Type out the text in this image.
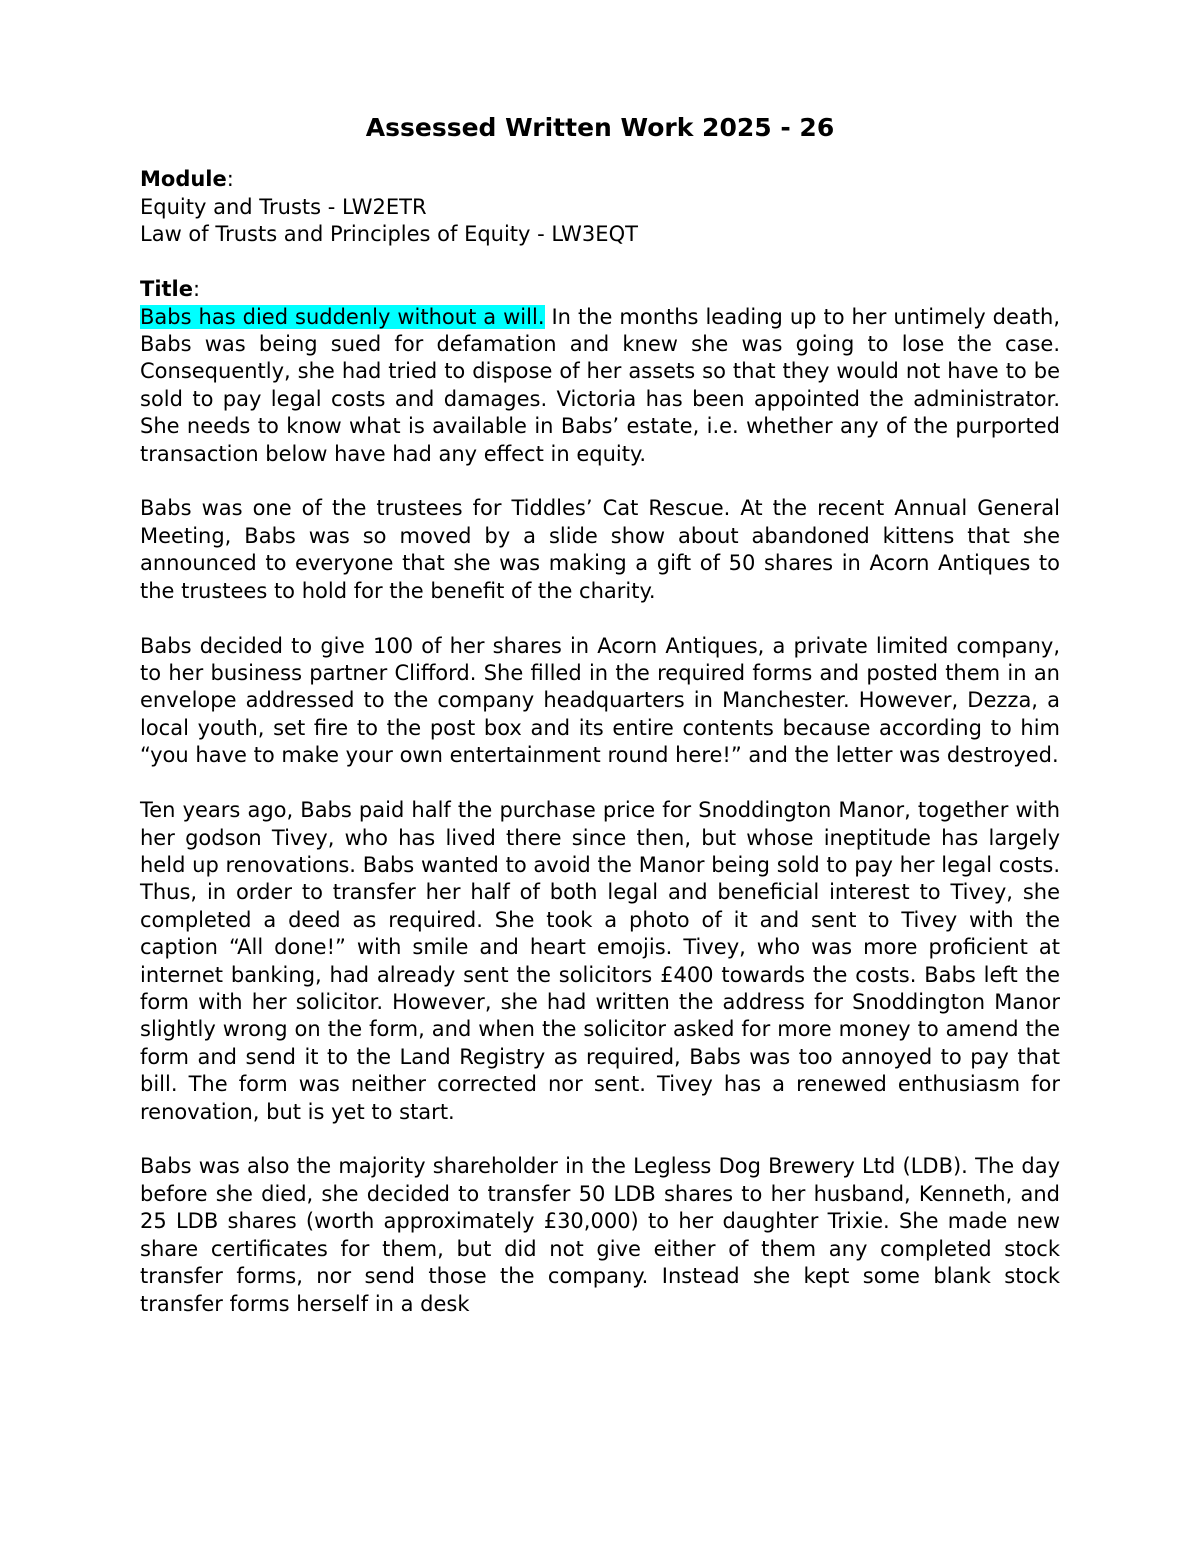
Assessed Written Work 2025 - 26

Module:

Equity and Trusts - LW2ETR

Law of Trusts and Principles of Equity - LW3EQT

Title:

Babs has died suddenly without a will. In the months leading up to her untimely death, Babs was being sued for defamation and knew she was going to lose the case. Consequently, she had tried to dispose of her assets so that they would not have to be sold to pay legal costs and damages. Victoria has been appointed the administrator. She needs to know what is available in Babs’ estate, i.e. whether any of the purported transaction below have had any effect in equity.

Babs was one of the trustees for Tiddles’ Cat Rescue. At the recent Annual General Meeting, Babs was so moved by a slide show about abandoned kittens that she announced to everyone that she was making a gift of 50 shares in Acorn Antiques to the trustees to hold for the benefit of the charity.

Babs decided to give 100 of her shares in Acorn Antiques, a private limited company, to her business partner Clifford. She filled in the required forms and posted them in an envelope addressed to the company headquarters in Manchester. However, Dezza, a local youth, set fire to the post box and its entire contents because according to him “you have to make your own entertainment round here!” and the letter was destroyed.

Ten years ago, Babs paid half the purchase price for Snoddington Manor, together with her godson Tivey, who has lived there since then, but whose ineptitude has largely held up renovations. Babs wanted to avoid the Manor being sold to pay her legal costs. Thus, in order to transfer her half of both legal and beneficial interest to Tivey, she completed a deed as required. She took a photo of it and sent to Tivey with the caption “All done!” with smile and heart emojis. Tivey, who was more proficient at internet banking, had already sent the solicitors £400 towards the costs. Babs left the form with her solicitor. However, she had written the address for Snoddington Manor slightly wrong on the form, and when the solicitor asked for more money to amend the form and send it to the Land Registry as required, Babs was too annoyed to pay that bill. The form was neither corrected nor sent. Tivey has a renewed enthusiasm for renovation, but is yet to start.

Babs was also the majority shareholder in the Legless Dog Brewery Ltd (LDB). The day before she died, she decided to transfer 50 LDB shares to her husband, Kenneth, and 25 LDB shares (worth approximately £30,000) to her daughter Trixie. She made new share certificates for them, but did not give either of them any completed stock transfer forms, nor send those the company. Instead she kept some blank stock transfer forms herself in a desk
